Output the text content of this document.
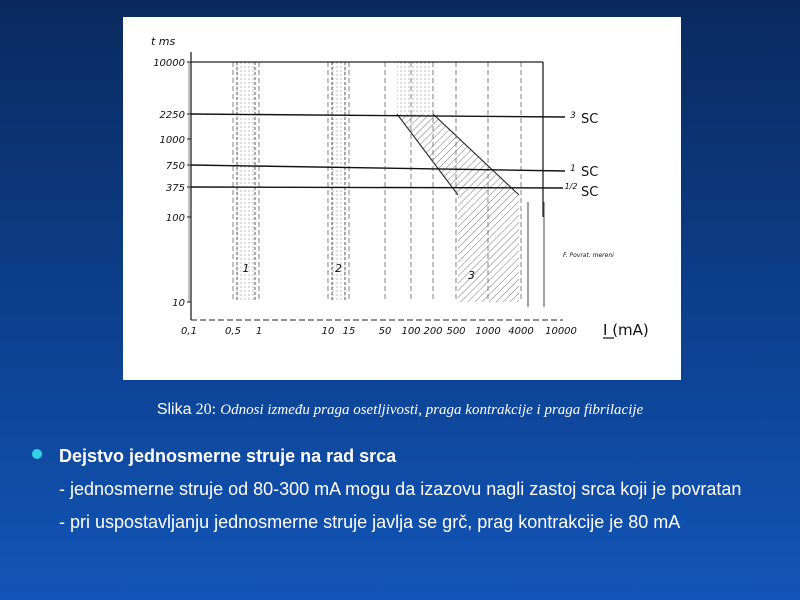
1	2
3
3 SC
1 SC
1/2 SC
10000
2250
1000
750
375
100
10
0,1	0,5 1	10 15 50 100 200 500 1000 4000 10000
t ms
I (mA)
F. Povrat. mereni
Slika 20: Odnosi između praga osetljivosti, praga kontrakcije i praga fibrilacije
Dejstvo jednosmerne struje na rad srca
- jednosmerne struje od 80-300 mA mogu da izazovu nagli zastoj srca koji je povratan
- pri uspostavljanju jednosmerne struje javlja se grč, prag kontrakcije je 80 mA
